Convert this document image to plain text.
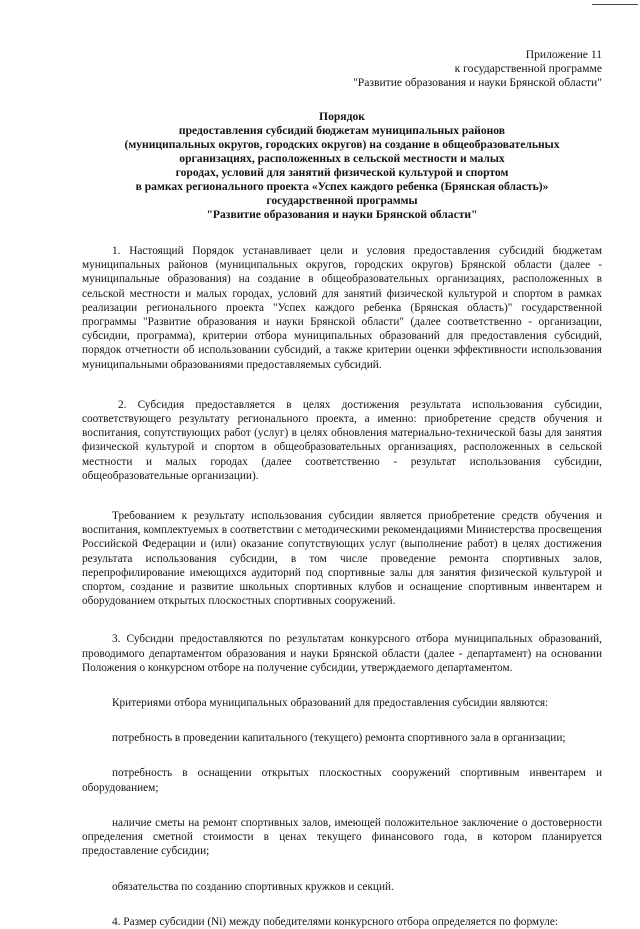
Приложение 11
к государственной программе
"Развитие образования и науки Брянской области"
Порядок
предоставления субсидий бюджетам муниципальных районов
(муниципальных округов, городских округов) на создание в общеобразовательных
организациях, расположенных в сельской местности и малых
городах, условий для занятий физической культурой и спортом
в рамках регионального проекта «Успех каждого ребенка (Брянская область)»
государственной программы
"Развитие образования и науки Брянской области"

1. Настоящий Порядок устанавливает цели и условия предоставления субсидий бюджетам муниципальных районов (муниципальных округов, городских округов) Брянской области (далее - муниципальные образования) на создание в общеобразовательных организациях, расположенных в сельской местности и малых городах, условий для занятий физической культурой и спортом в рамках реализации регионального проекта "Успех каждого ребенка (Брянская область)" государственной программы "Развитие образования и науки Брянской области" (далее соответственно - организации, субсидии, программа), критерии отбора муниципальных образований для предоставления субсидий, порядок отчетности об использовании субсидий, а также критерии оценки эффективности использования муниципальными образованиями предоставляемых субсидий.

2. Субсидия предоставляется в целях достижения результата использования субсидии, соответствующего результату регионального проекта, а именно: приобретение средств обучения и воспитания, сопутствующих работ (услуг) в целях обновления материально-технической базы для занятия физической культурой и спортом в общеобразовательных организациях, расположенных в сельской местности и малых городах (далее соответственно - результат использования субсидии, общеобразовательные организации).

Требованием к результату использования субсидии является приобретение средств обучения и воспитания, комплектуемых в соответствии с методическими рекомендациями Министерства просвещения Российской Федерации и (или) оказание сопутствующих услуг (выполнение работ) в целях достижения результата использования субсидии, в том числе проведение ремонта спортивных залов, перепрофилирование имеющихся аудиторий под спортивные залы для занятия физической культурой и спортом, создание и развитие школьных спортивных клубов и оснащение спортивным инвентарем и оборудованием открытых плоскостных спортивных сооружений.

3. Субсидии предоставляются по результатам конкурсного отбора муниципальных образований, проводимого департаментом образования и науки Брянской области (далее - департамент) на основании Положения о конкурсном отборе на получение субсидии, утверждаемого департаментом.

Критериями отбора муниципальных образований для предоставления субсидии являются:

потребность в проведении капитального (текущего) ремонта спортивного зала в организации;

потребность в оснащении открытых плоскостных сооружений спортивным инвентарем и оборудованием;

наличие сметы на ремонт спортивных залов, имеющей положительное заключение о достоверности определения сметной стоимости в ценах текущего финансового года, в котором планируется предоставление субсидии;

обязательства по созданию спортивных кружков и секций.

4. Размер субсидии (Ni) между победителями конкурсного отбора определяется по формуле:
